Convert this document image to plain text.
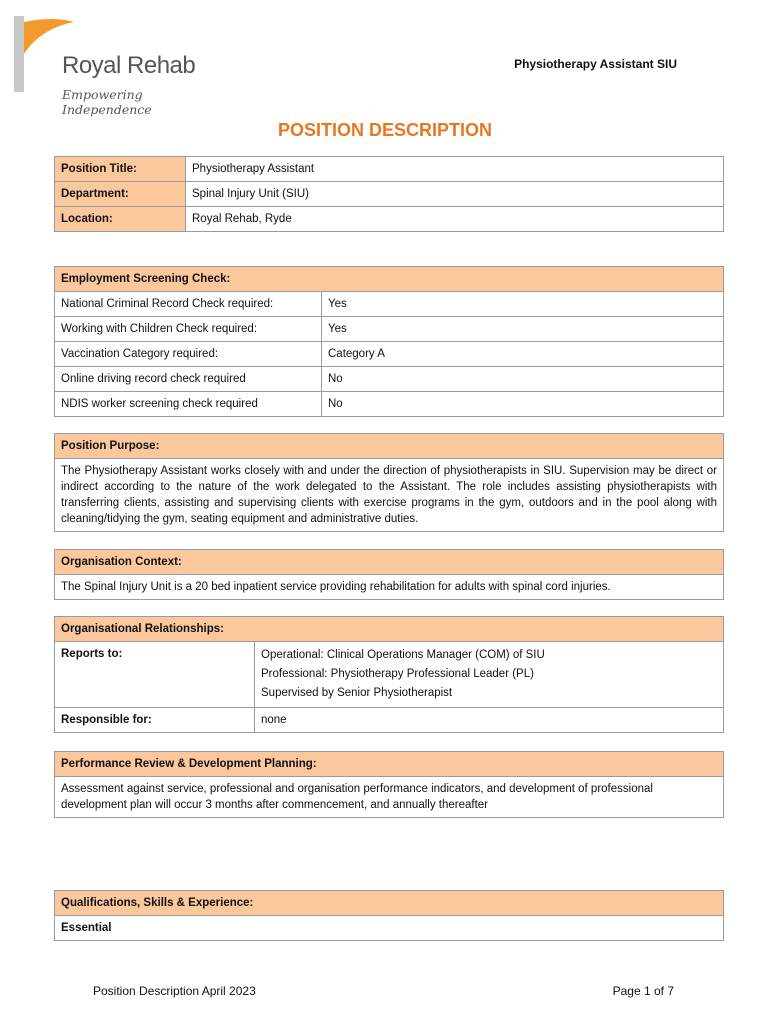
Royal Rehab
Empowering Independence
Physiotherapy Assistant SIU
POSITION DESCRIPTION
Position Title:	Physiotherapy Assistant
Department:	Spinal Injury Unit (SIU)
Location:	Royal Rehab, Ryde
Employment Screening Check:	
National Criminal Record Check required:	Yes
Working with Children Check required:	Yes
Vaccination Category required:	Category A
Online driving record check required	No
NDIS worker screening check required	No
Position Purpose:
The Physiotherapy Assistant works closely with and under the direction of physiotherapists in SIU. Supervision may be direct or indirect according to the nature of the work delegated to the Assistant. The role includes assisting physiotherapists with transferring clients, assisting and supervising clients with exercise programs in the gym, outdoors and in the pool along with cleaning/tidying the gym, seating equipment and administrative duties.
Organisation Context:
The Spinal Injury Unit is a 20 bed inpatient service providing rehabilitation for adults with spinal cord injuries.
Organisational Relationships:	
Reports to:	Operational: Clinical Operations Manager (COM) of SIU
Professional: Physiotherapy Professional Leader (PL)
Supervised by Senior Physiotherapist

Responsible for:	none
Performance Review & Development Planning:
Assessment against service, professional and organisation performance indicators, and development of professional development plan will occur 3 months after commencement, and annually thereafter
Qualifications, Skills & Experience:
Essential
Position Description April 2023	Page 1 of 7
